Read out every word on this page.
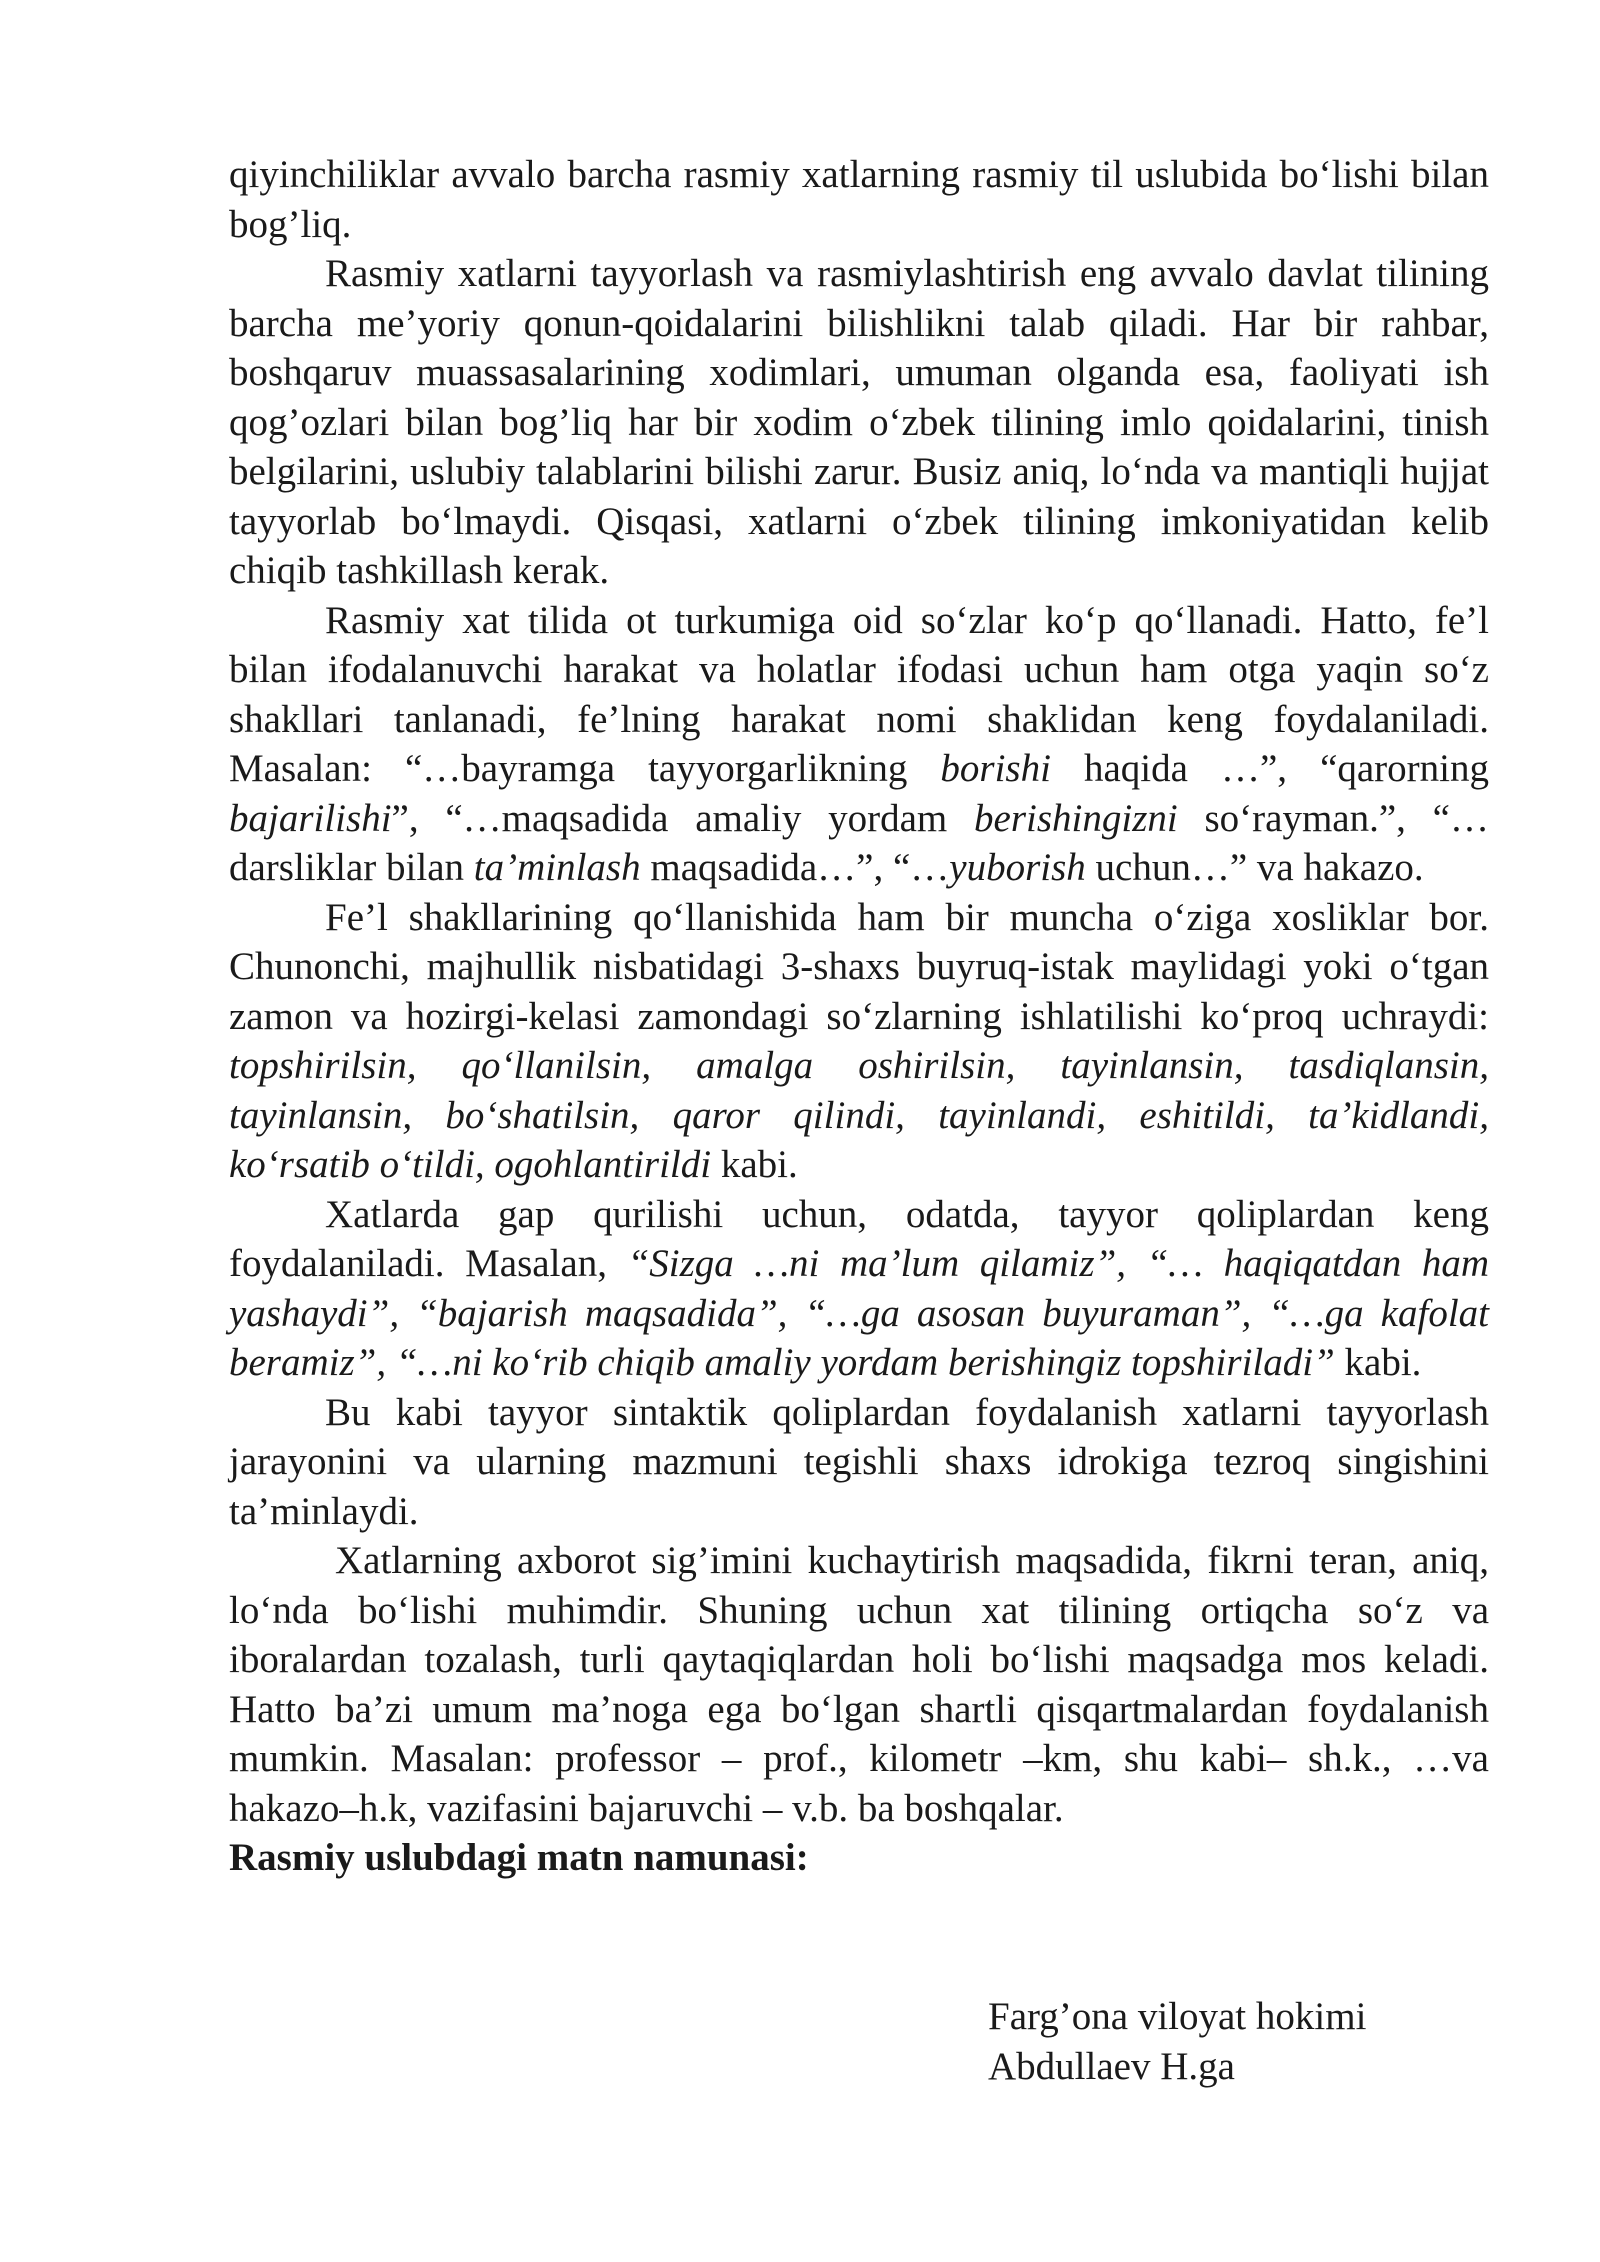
qiyinchiliklar avvalo barcha rasmiy xatlarning rasmiy til uslubida bo‘lishi bilan bog’liq.

Rasmiy xatlarni tayyorlash va rasmiylashtirish eng avvalo davlat tilining barcha me’yoriy qonun-qoidalarini bilishlikni talab qiladi. Har bir rahbar, boshqaruv muassasalarining xodimlari, umuman olganda esa, faoliyati ish qog’ozlari bilan bog’liq har bir xodim o‘zbek tilining imlo qoidalarini, tinish belgilarini, uslubiy talablarini bilishi zarur. Busiz aniq, lo‘nda va mantiqli hujjat tayyorlab bo‘lmaydi. Qisqasi, xatlarni o‘zbek tilining imkoniyatidan kelib chiqib tashkillash kerak.

Rasmiy xat tilida ot turkumiga oid so‘zlar ko‘p qo‘llanadi. Hatto, fe’l bilan ifodalanuvchi harakat va holatlar ifodasi uchun ham otga yaqin so‘z shakllari tanlanadi, fe’lning harakat nomi shaklidan keng foydalaniladi. Masalan: “…bayramga tayyorgarlikning borishi haqida …”, “qarorning bajarilishi”, “…maqsadida amaliy yordam berishingizni so‘rayman.”, “…darsliklar bilan ta’minlash maqsadida…”, “…yuborish uchun…” va hakazo.

Fe’l shakllarining qo‘llanishida ham bir muncha o‘ziga xosliklar bor. Chunonchi, majhullik nisbatidagi 3-shaxs buyruq-istak maylidagi yoki o‘tgan zamon va hozirgi-kelasi zamondagi so‘zlarning ishlatilishi ko‘proq uchraydi: topshirilsin, qo‘llanilsin, amalga oshirilsin, tayinlansin, tasdiqlansin, tayinlansin, bo‘shatilsin, qaror qilindi, tayinlandi, eshitildi, ta’kidlandi, ko‘rsatib o‘tildi, ogohlantirildi kabi.

Xatlarda gap qurilishi uchun, odatda, tayyor qoliplardan keng foydalaniladi. Masalan, “Sizga …ni ma’lum qilamiz”, “… haqiqatdan ham yashaydi”, “bajarish maqsadida”, “…ga asosan buyuraman”, “…ga kafolat beramiz”, “…ni ko‘rib chiqib amaliy yordam berishingiz topshiriladi” kabi.

Bu kabi tayyor sintaktik qoliplardan foydalanish xatlarni tayyorlash jarayonini va ularning mazmuni tegishli shaxs idrokiga tezroq singishini ta’minlaydi.

Xatlarning axborot sig’imini kuchaytirish maqsadida, fikrni teran, aniq, lo‘nda bo‘lishi muhimdir. Shuning uchun xat tilining ortiqcha so‘z va iboralardan tozalash, turli qaytaqiqlardan holi bo‘lishi maqsadga mos keladi. Hatto ba’zi umum ma’noga ega bo‘lgan shartli qisqartmalardan foydalanish mumkin. Masalan: professor – prof., kilometr –km, shu kabi– sh.k., …va hakazo–h.k, vazifasini bajaruvchi – v.b. ba boshqalar.

Rasmiy uslubdagi matn namunasi:

Farg’ona viloyat hokimi
Abdullaev H.ga
